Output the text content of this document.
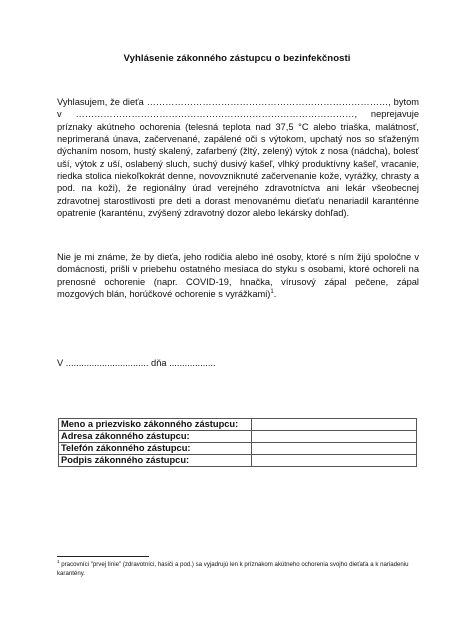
Vyhlásenie zákonného zástupcu o bezinfekčnosti
Vyhlasujem, že dieťa ……………………………………………………………………, bytom v ………………………………………………………………………………, neprejavuje príznaky akútneho ochorenia (telesná teplota nad 37,5 °C alebo triaška, malátnosť, neprimeraná únava, začervenané, zapálené oči s výtokom, upchatý nos so sťaženým dýchaním nosom, hustý skalený, zafarbený (žltý, zelený) výtok z nosa (nádcha), bolesť uší, výtok z uší, oslabený sluch, suchý dusivý kašeľ, vlhký produktívny kašeľ, vracanie, riedka stolica niekoľkokrát denne, novovzniknuté začervenanie kože, vyrážky, chrasty a pod. na koži), že regionálny úrad verejného zdravotníctva ani lekár všeobecnej zdravotnej starostlivosti pre deti a dorast menovanému dieťaťu nenariadil karanténne opatrenie (karanténu, zvýšený zdravotný dozor alebo lekársky dohľad).
Nie je mi známe, že by dieťa, jeho rodičia alebo iné osoby, ktoré s ním žijú spoločne v domácnosti, prišli v priebehu ostatného mesiaca do styku s osobami, ktoré ochoreli na prenosné ochorenie (napr. COVID-19, hnačka, vírusový zápal pečene, zápal mozgových blán, horúčkové ochorenie s vyrážkami)$^1$.
V ................................ dňa ..................
Meno a priezvisko zákonného zástupcu:	
Adresa zákonného zástupcu:	
Telefón zákonného zástupcu:	
Podpis zákonného zástupcu:	
$^1$ pracovníci "prvej línie" (zdravotníci, hasiči a pod.) sa vyjadrujú len k príznakom akútneho ochorenia svojho dieťaťa a k nariadeniu karantény.
